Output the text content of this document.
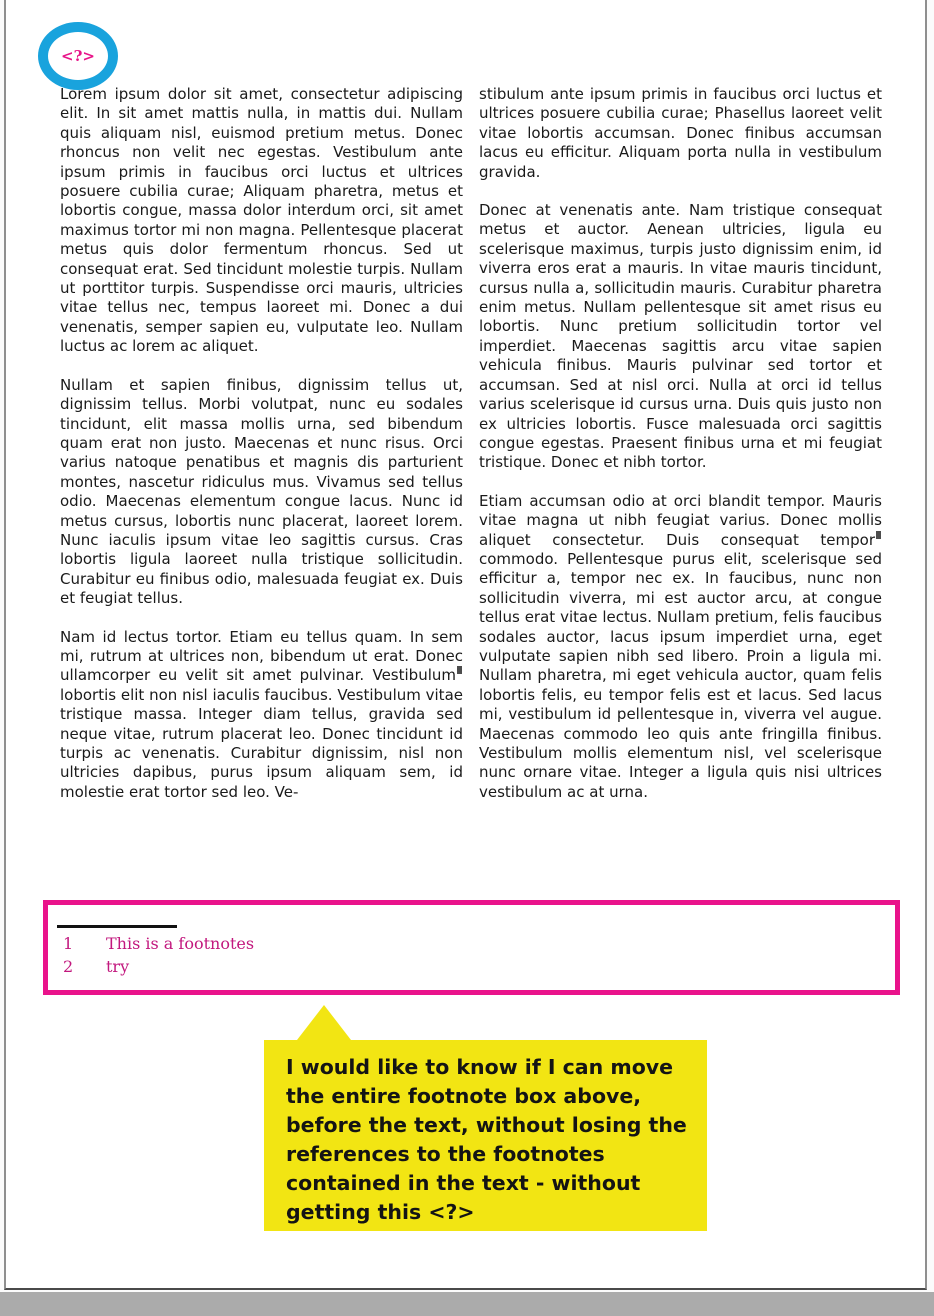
<?>

Lorem ipsum dolor sit amet, consectetur adipiscing elit. In sit amet mattis nulla, in mattis dui. Nullam quis aliquam nisl, euismod pretium metus. Donec rhoncus non velit nec egestas. Vestibulum ante ipsum primis in faucibus orci luctus et ultrices posuere cubilia curae; Aliquam pharetra, metus et lobortis congue, massa dolor interdum orci, sit amet maximus tortor mi non magna. Pellentesque placerat metus quis dolor fermentum rhoncus. Sed ut consequat erat. Sed tincidunt molestie turpis. Nullam ut porttitor turpis. Suspendisse orci mauris, ultricies vitae tellus nec, tempus laoreet mi. Donec a dui venenatis, semper sapien eu, vulputate leo. Nullam luctus ac lorem ac aliquet.

Nullam et sapien finibus, dignissim tellus ut, dignissim tellus. Morbi volutpat, nunc eu sodales tincidunt, elit massa mollis urna, sed bibendum quam erat non justo. Maecenas et nunc risus. Orci varius natoque penatibus et magnis dis parturient montes, nascetur ridiculus mus. Vivamus sed tellus odio. Maecenas elementum congue lacus. Nunc id metus cursus, lobortis nunc placerat, laoreet lorem. Nunc iaculis ipsum vitae leo sagittis cursus. Cras lobortis ligula laoreet nulla tristique sollicitudin. Curabitur eu finibus odio, malesuada feugiat ex. Duis et feugiat tellus.

Nam id lectus tortor. Etiam eu tellus quam. In sem mi, rutrum at ultrices non, bibendum ut erat. Donec ullamcorper eu velit sit amet pulvinar. Vestibulum lobortis elit non nisl iaculis faucibus. Vestibulum vitae tristique massa. Integer diam tellus, gravida sed neque vitae, rutrum placerat leo. Donec tincidunt id turpis ac venenatis. Curabitur dignissim, nisl non ultricies dapibus, purus ipsum aliquam sem, id molestie erat tortor sed leo. Ve-

stibulum ante ipsum primis in faucibus orci luctus et ultrices posuere cubilia curae; Phasellus laoreet velit vitae lobortis accumsan. Donec finibus accumsan lacus eu efficitur. Aliquam porta nulla in vestibulum gravida.

Donec at venenatis ante. Nam tristique consequat metus et auctor. Aenean ultricies, ligula eu scelerisque maximus, turpis justo dignissim enim, id viverra eros erat a mauris. In vitae mauris tincidunt, cursus nulla a, sollicitudin mauris. Curabitur pharetra enim metus. Nullam pellentesque sit amet risus eu lobortis. Nunc pretium sollicitudin tortor vel imperdiet. Maecenas sagittis arcu vitae sapien vehicula finibus. Mauris pulvinar sed tortor et accumsan. Sed at nisl orci. Nulla at orci id tellus varius scelerisque id cursus urna. Duis quis justo non ex ultricies lobortis. Fusce malesuada orci sagittis congue egestas. Praesent finibus urna et mi feugiat tristique. Donec et nibh tortor.

Etiam accumsan odio at orci blandit tempor. Mauris vitae magna ut nibh feugiat varius. Donec mollis aliquet consectetur. Duis consequat tempor commodo. Pellentesque purus elit, scelerisque sed efficitur a, tempor nec ex. In faucibus, nunc non sollicitudin viverra, mi est auctor arcu, at congue tellus erat vitae lectus. Nullam pretium, felis faucibus sodales auctor, lacus ipsum imperdiet urna, eget vulputate sapien nibh sed libero. Proin a ligula mi. Nullam pharetra, mi eget vehicula auctor, quam felis lobortis felis, eu tempor felis est et lacus. Sed lacus mi, vestibulum id pellentesque in, viverra vel augue. Maecenas commodo leo quis ante fringilla finibus. Vestibulum mollis elementum nisl, vel scelerisque nunc ornare vitae. Integer a ligula quis nisi ultrices vestibulum ac at urna.

1	This is a footnotes
2	try

I would like to know if I can move the entire footnote box above, before the text, without losing the references to the footnotes contained in the text - without getting this <?>
